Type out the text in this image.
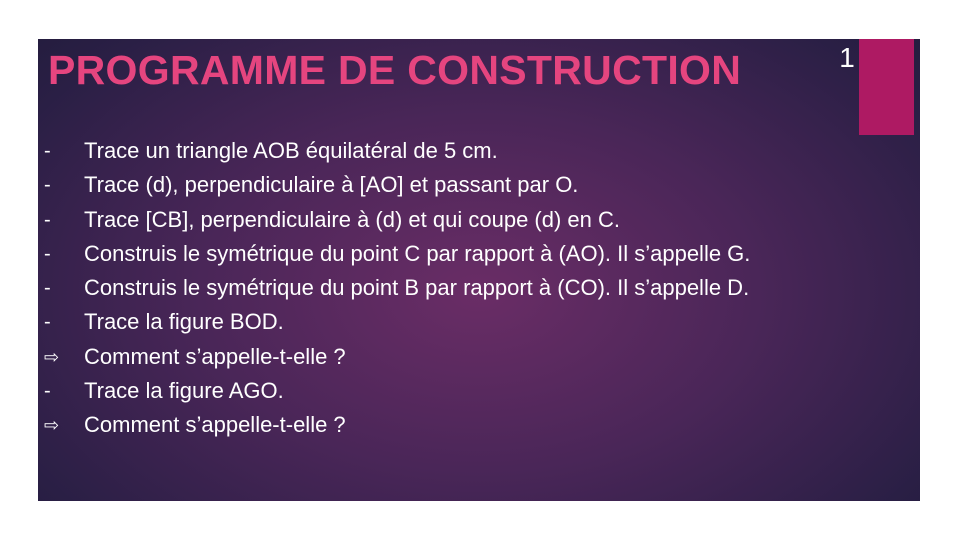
1
PROGRAMME DE CONSTRUCTION
-	Trace un triangle AOB équilatéral de 5 cm.
-	Trace (d), perpendiculaire à [AO] et passant par O.
-	Trace [CB], perpendiculaire à (d) et qui coupe (d) en C.
-	Construis le symétrique du point C par rapport à (AO). Il s’appelle G.
-	Construis le symétrique du point B par rapport à (CO). Il s’appelle D.
-	Trace la figure BOD.
⇨	Comment s’appelle-t-elle ?
-	Trace la figure AGO.
⇨	Comment s’appelle-t-elle ?
